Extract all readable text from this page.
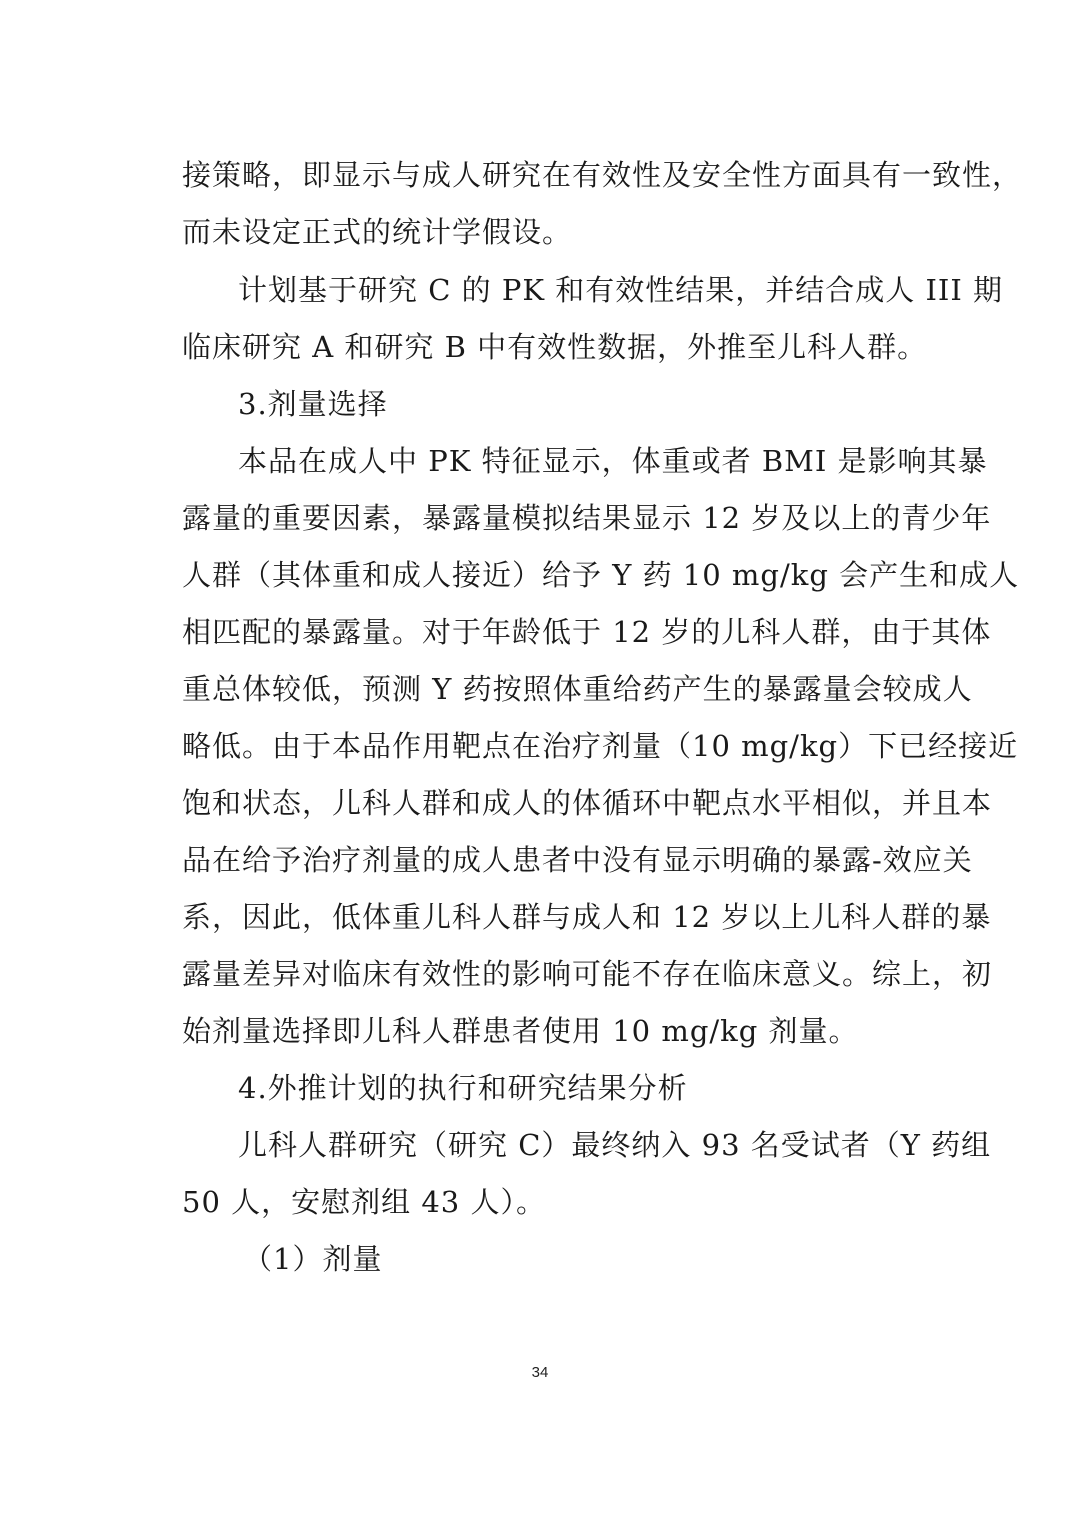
接策略，即显示与成人研究在有效性及安全性方面具有一致性，
而未设定正式的统计学假设。
计划基于研究 C 的 PK 和有效性结果，并结合成人 III 期
临床研究 A 和研究 B 中有效性数据，外推至儿科人群。
3.剂量选择
本品在成人中 PK 特征显示，体重或者 BMI 是影响其暴
露量的重要因素，暴露量模拟结果显示 12 岁及以上的青少年
人群（其体重和成人接近）给予 Y 药 10 mg/kg 会产生和成人
相匹配的暴露量。对于年龄低于 12 岁的儿科人群，由于其体
重总体较低，预测 Y 药按照体重给药产生的暴露量会较成人
略低。由于本品作用靶点在治疗剂量（10 mg/kg）下已经接近
饱和状态，儿科人群和成人的体循环中靶点水平相似，并且本
品在给予治疗剂量的成人患者中没有显示明确的暴露-效应关
系，因此，低体重儿科人群与成人和 12 岁以上儿科人群的暴
露量差异对临床有效性的影响可能不存在临床意义。综上，初
始剂量选择即儿科人群患者使用 10 mg/kg 剂量。
4.外推计划的执行和研究结果分析
儿科人群研究（研究 C）最终纳入 93 名受试者（Y 药组
50 人，安慰剂组 43 人）。
（1）剂量
34
